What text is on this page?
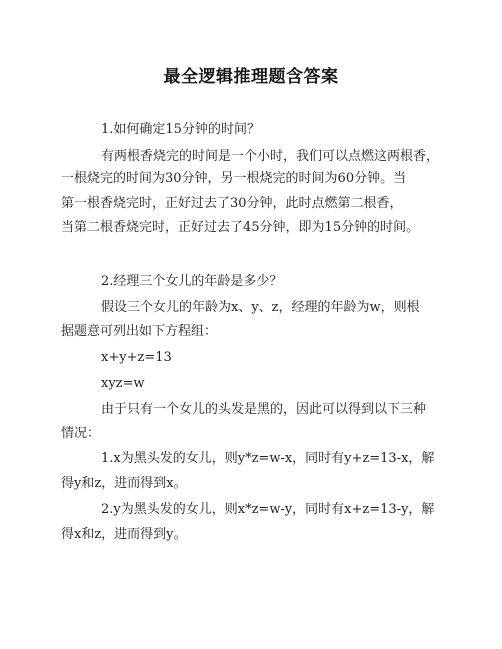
最全逻辑推理题含答案
1.如何确定15分钟的时间？
有两根香烧完的时间是一个小时，我们可以点燃这两根香，
一根烧完的时间为30分钟，另一根烧完的时间为60分钟。当
第一根香烧完时，正好过去了30分钟，此时点燃第二根香，
当第二根香烧完时，正好过去了45分钟，即为15分钟的时间。
2.经理三个女儿的年龄是多少？
假设三个女儿的年龄为x、y、z，经理的年龄为w，则根
据题意可列出如下方程组：
x+y+z=13
xyz=w
由于只有一个女儿的头发是黑的，因此可以得到以下三种
情况：
1.x为黑头发的女儿，则y*z=w-x，同时有y+z=13-x，解
得y和z，进而得到x。
2.y为黑头发的女儿，则x*z=w-y，同时有x+z=13-y，解
得x和z，进而得到y。
